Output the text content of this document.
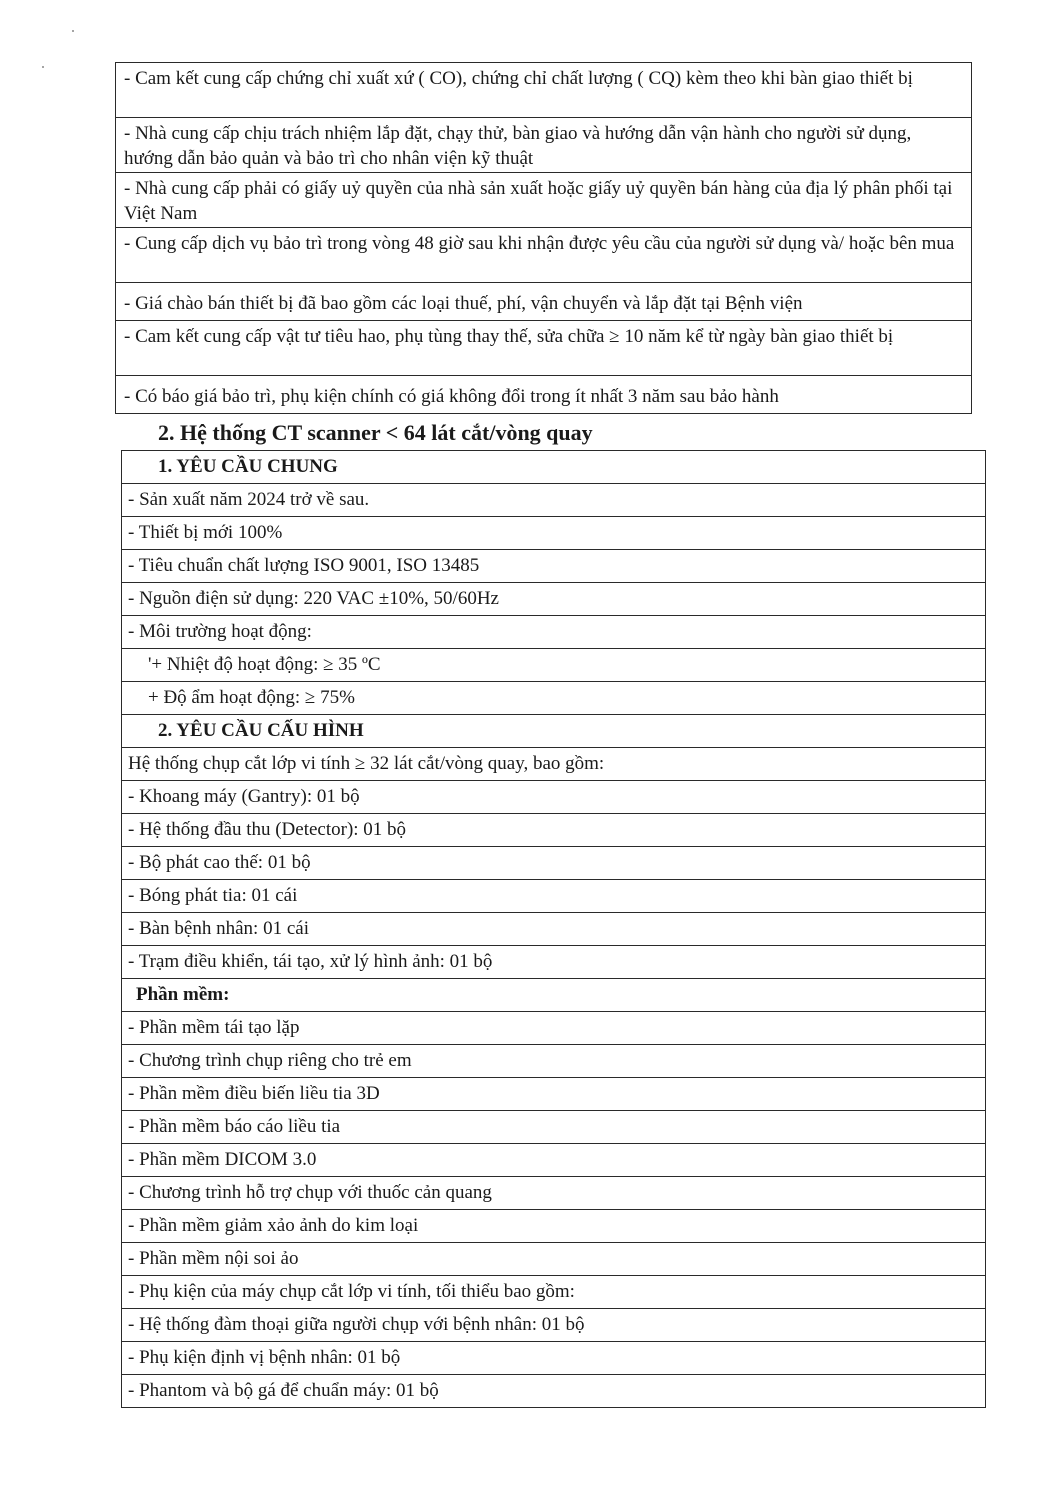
- Cam kết cung cấp chứng chỉ xuất xứ ( CO), chứng chỉ chất lượng ( CQ) kèm theo khi bàn giao thiết bị
- Nhà cung cấp chịu trách nhiệm lắp đặt, chạy thử, bàn giao và hướng dẫn vận hành cho người sử dụng, hướng dẫn bảo quản và bảo trì cho nhân viện kỹ thuật
- Nhà cung cấp phải có giấy uỷ quyền của nhà sản xuất hoặc giấy uỷ quyền bán hàng của địa lý phân phối tại Việt Nam
- Cung cấp dịch vụ bảo trì trong vòng 48 giờ sau khi nhận được yêu cầu của người sử dụng và/ hoặc bên mua
- Giá chào bán thiết bị đã bao gồm các loại thuế, phí, vận chuyển và lắp đặt tại Bệnh viện
- Cam kết cung cấp vật tư tiêu hao, phụ tùng thay thế, sửa chữa ≥ 10 năm kể từ ngày bàn giao thiết bị
- Có báo giá bảo trì, phụ kiện chính có giá không đổi trong ít nhất 3 năm sau bảo hành
2. Hệ thống CT scanner < 64 lát cắt/vòng quay
1. YÊU CẦU CHUNG
- Sản xuất năm 2024 trở về sau.
- Thiết bị mới 100%
- Tiêu chuẩn chất lượng ISO 9001, ISO 13485
- Nguồn điện sử dụng: 220 VAC ±10%, 50/60Hz
- Môi trường hoạt động:
'+ Nhiệt độ hoạt động: ≥ 35 ºC
+ Độ ẩm hoạt động: ≥ 75%
2. YÊU CẦU CẤU HÌNH
Hệ thống chụp cắt lớp vi tính ≥ 32 lát cắt/vòng quay, bao gồm:
- Khoang máy (Gantry): 01 bộ
- Hệ thống đầu thu (Detector): 01 bộ
- Bộ phát cao thế: 01 bộ
- Bóng phát tia: 01 cái
- Bàn bệnh nhân: 01 cái
- Trạm điều khiển, tái tạo, xử lý hình ảnh: 01 bộ
Phần mềm:
- Phần mềm tái tạo lặp
- Chương trình chụp riêng cho trẻ em
- Phần mềm điều biến liều tia 3D
- Phần mềm báo cáo liều tia
- Phần mềm DICOM 3.0
- Chương trình hỗ trợ chụp với thuốc cản quang
- Phần mềm giảm xảo ảnh do kim loại
- Phần mềm nội soi ảo
- Phụ kiện của máy chụp cắt lớp vi tính, tối thiểu bao gồm:
- Hệ thống đàm thoại giữa người chụp với bệnh nhân: 01 bộ
- Phụ kiện định vị bệnh nhân: 01 bộ
- Phantom và bộ gá để chuẩn máy: 01 bộ
